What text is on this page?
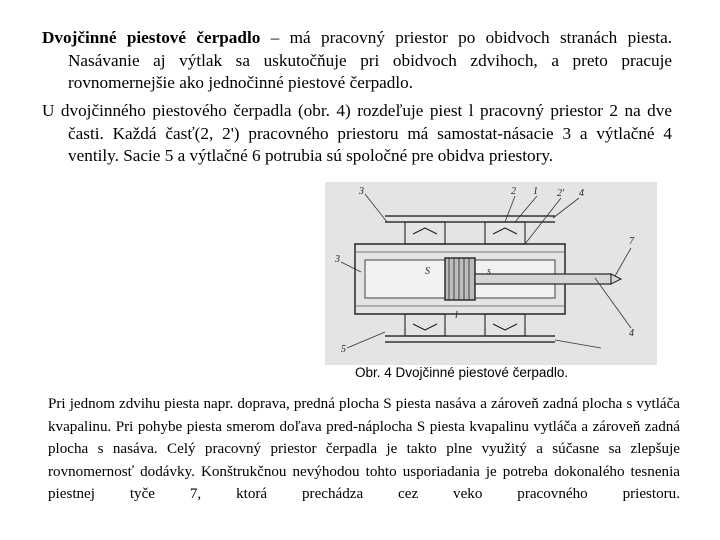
Dvojčinné piestové čerpadlo – má pracovný priestor po obidvoch stranách piesta. Nasávanie aj výtlak sa uskutočňuje pri obidvoch zdvihoch, a preto pracuje rovnomernejšie ako jednočinné piestové čerpadlo.
U dvojčinného piestového čerpadla (obr. 4) rozdeľuje piest l pracovný priestor 2 na dve časti. Každá časť(2, 2') pracovného priestoru má samostat-násacie 3 a výtlačné 4 ventily. Sacie 5 a výtlačné 6 potrubia sú spoločné pre obidva priestory.
3	2 1 2' 4
3
7
4
S	s
5
l
Obr. 4 Dvojčinné piestové čerpadlo.
Pri jednom zdvihu piesta napr. doprava, predná plocha S piesta nasáva a zároveň zadná plocha s vytláča kvapalinu. Pri pohybe piesta smerom doľava pred-náplocha S piesta kvapalinu vytláča a zároveň zadná plocha s nasáva. Celý pracovný priestor čerpadla je takto plne využitý a súčasne sa zlepšuje rovnomernosť dodávky. Konštrukčnou nevýhodou tohto usporiadania je potreba dokonalého tesnenia piestnej tyče 7, ktorá prechádza cez veko pracovného priestoru.
